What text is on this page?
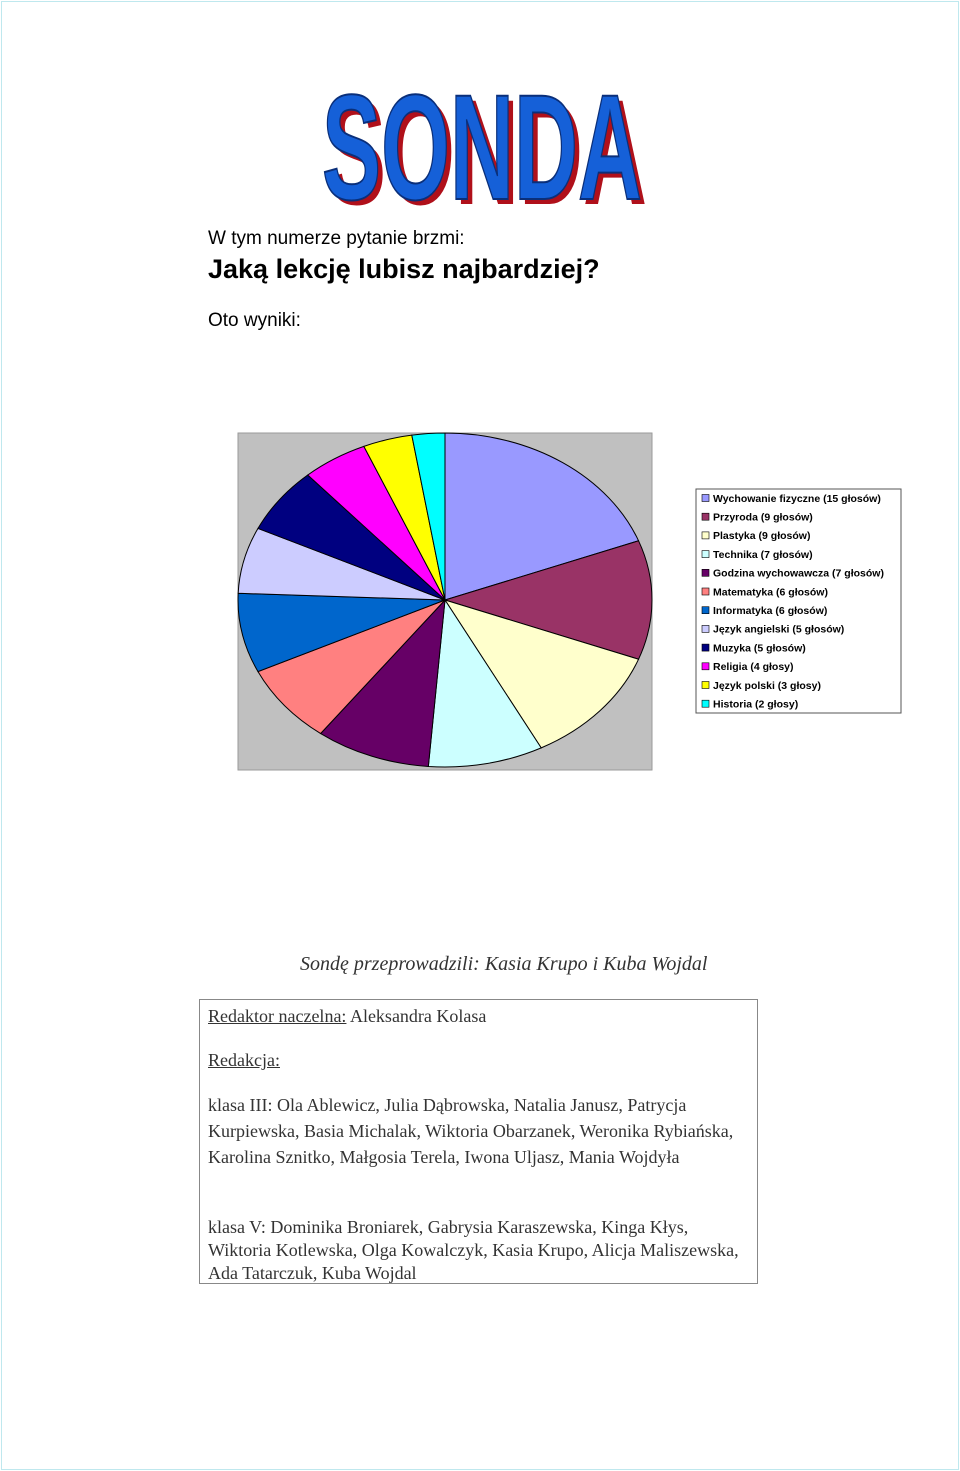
SONDA
SONDA
W tym numerze pytanie brzmi:
Jaką lekcję lubisz najbardziej?
Oto wyniki:
Wychowanie fizyczne (15 głosów)
Przyroda (9 głosów)
Plastyka (9 głosów)
Technika (7 głosów)
Godzina wychowawcza (7 głosów)
Matematyka (6 głosów)
Informatyka (6 głosów)
Język angielski (5 głosów)
Muzyka (5 głosów)
Religia (4 głosy)
Język polski (3 głosy)
Historia (2 głosy)
Sondę przeprowadzili: Kasia Krupo i Kuba Wojdal
Redaktor naczelna: Aleksandra Kolasa
Redakcja:
klasa III: Ola Ablewicz, Julia Dąbrowska, Natalia Janusz, Patrycja Kurpiewska, Basia Michalak, Wiktoria Obarzanek, Weronika Rybiańska, Karolina Sznitko, Małgosia Terela, Iwona Uljasz, Mania Wojdyła
klasa V: Dominika Broniarek, Gabrysia Karaszewska, Kinga Kłys, Wiktoria Kotlewska, Olga Kowalczyk, Kasia Krupo, Alicja Maliszewska, Ada Tatarczuk, Kuba Wojdal
